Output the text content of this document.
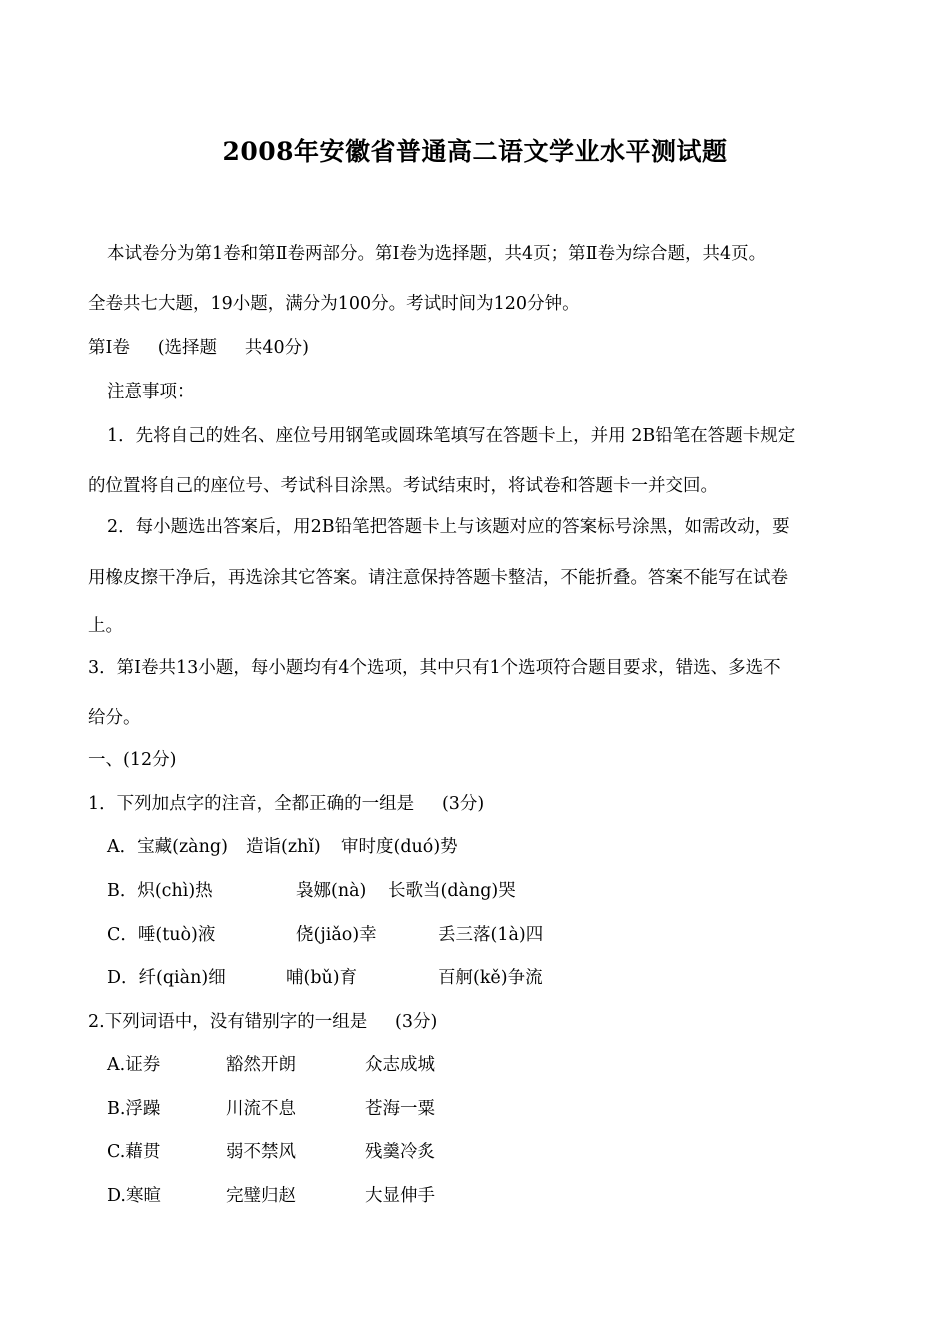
2008年安徽省普通高二语文学业水平测试题
本试卷分为第1卷和第Ⅱ卷两部分。第I卷为选择题，共4页；第Ⅱ卷为综合题，共4页。
全卷共七大题，19小题，满分为100分。考试时间为120分钟。
第I卷     (选择题     共40分)
注意事项：
1．先将自己的姓名、座位号用钢笔或圆珠笔填写在答题卡上，并用 2B铅笔在答题卡规定
的位置将自己的座位号、考试科目涂黑。考试结束时，将试卷和答题卡一并交回。
2．每小题选出答案后，用2B铅笔把答题卡上与该题对应的答案标号涂黑，如需改动，要
用橡皮擦干净后，再选涂其它答案。请注意保持答题卡整洁，不能折叠。答案不能写在试卷
上。
3．第I卷共13小题，每小题均有4个选项，其中只有1个选项符合题目要求，错选、多选不
给分。
一、(12分)
1．下列加点字的注音，全都正确的一组是     (3分)
A．宝藏(zàng) 造诣(zhǐ) 审时度(duó)势
B．炽(chì)热	袅娜(nà) 长歌当(dàng)哭
C．唾(tuò)液	侥(jiǎo)幸	丢三落(1à)四
D．纤(qiàn)细	哺(bǔ)育	百舸(kě)争流
2.下列词语中，没有错别字的一组是     (3分)
A.证券	豁然开朗	众志成城
B.浮躁	川流不息	苍海一粟
C.藉贯	弱不禁风	残羹冷炙
D.寒暄	完璧归赵	大显伸手
